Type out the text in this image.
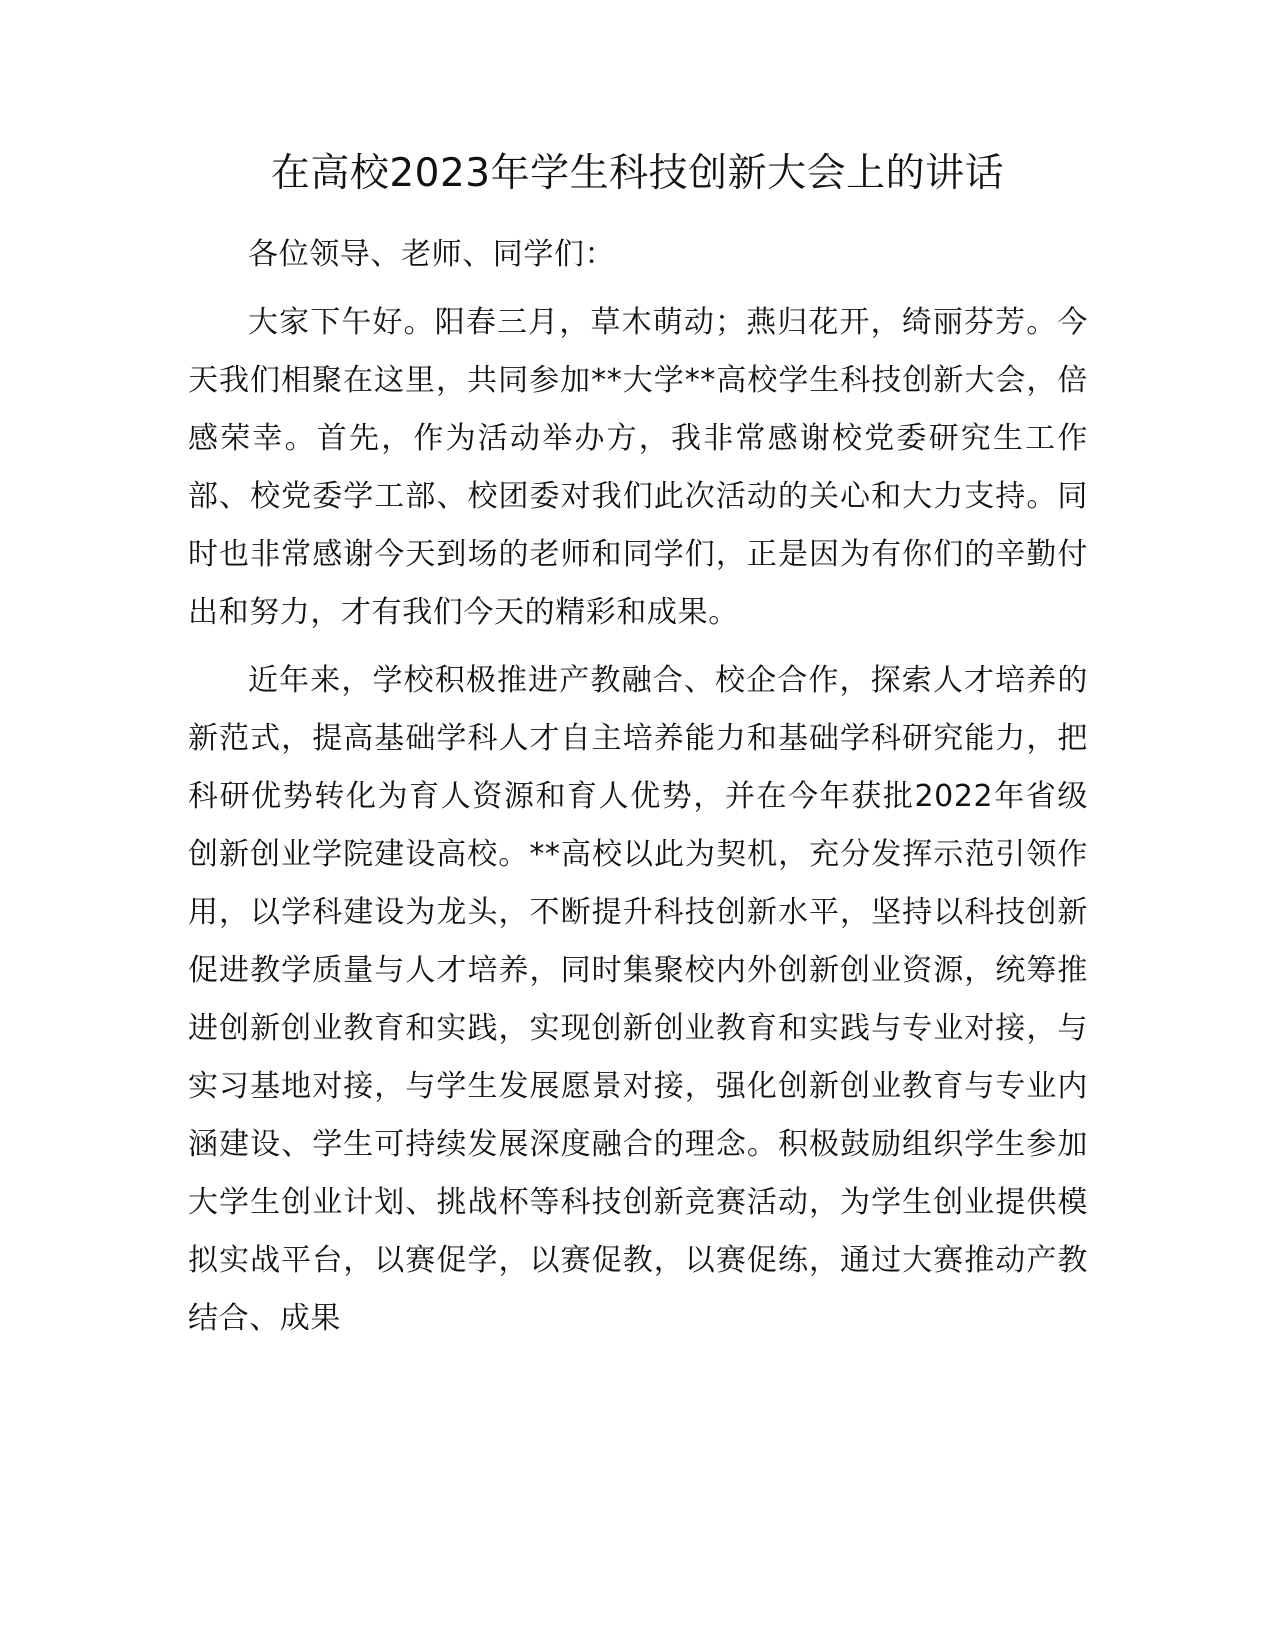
在高校2023年学生科技创新大会上的讲话

各位领导、老师、同学们：

大家下午好。阳春三月，草木萌动；燕归花开，绮丽芬芳。今天我们相聚在这里，共同参加**大学**高校学生科技创新大会，倍感荣幸。首先，作为活动举办方，我非常感谢校党委研究生工作部、校党委学工部、校团委对我们此次活动的关心和大力支持。同时也非常感谢今天到场的老师和同学们，正是因为有你们的辛勤付出和努力，才有我们今天的精彩和成果。

近年来，学校积极推进产教融合、校企合作，探索人才培养的新范式，提高基础学科人才自主培养能力和基础学科研究能力，把科研优势转化为育人资源和育人优势，并在今年获批2022年省级创新创业学院建设高校。**高校以此为契机，充分发挥示范引领作用，以学科建设为龙头，不断提升科技创新水平，坚持以科技创新促进教学质量与人才培养，同时集聚校内外创新创业资源，统筹推进创新创业教育和实践，实现创新创业教育和实践与专业对接，与实习基地对接，与学生发展愿景对接，强化创新创业教育与专业内涵建设、学生可持续发展深度融合的理念。积极鼓励组织学生参加大学生创业计划、挑战杯等科技创新竞赛活动，为学生创业提供模拟实战平台，以赛促学，以赛促教，以赛促练，通过大赛推动产教结合、成果
